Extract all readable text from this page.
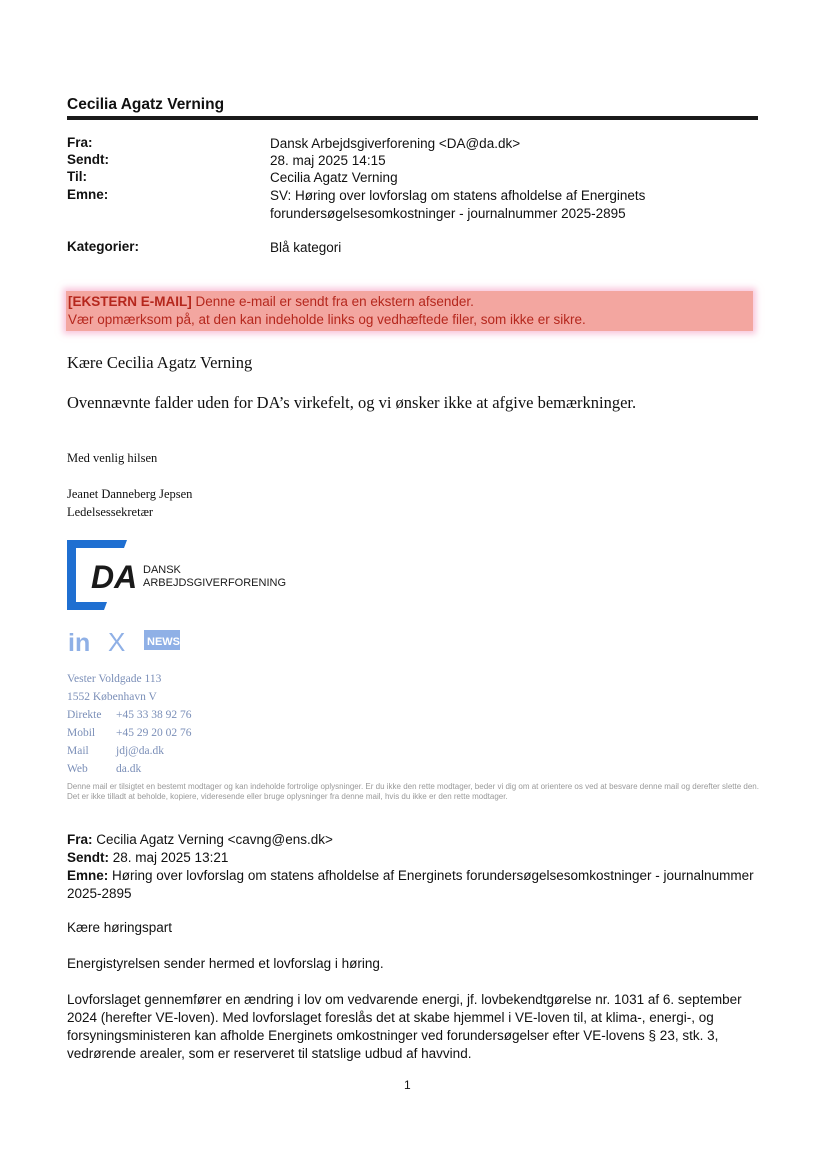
Cecilia Agatz Verning
Fra:	Dansk Arbejdsgiverforening <DA@da.dk>
Sendt:	28. maj 2025 14:15
Til:	Cecilia Agatz Verning
Emne:	SV: Høring over lovforslag om statens afholdelse af Energinets forundersøgelsesomkostninger - journalnummer 2025-2895
Kategorier:	Blå kategori
[EKSTERN E-MAIL] Denne e-mail er sendt fra en ekstern afsender.
Vær opmærksom på, at den kan indeholde links og vedhæftede filer, som ikke er sikre.
Kære Cecilia Agatz Verning
Ovennævnte falder uden for DA’s virkefelt, og vi ønsker ikke at afgive bemærkninger.
Med venlig hilsen
Jeanet Danneberg Jepsen
Ledelsessekretær
DA DANSK
ARBEJDSGIVERFORENING
in X NEWS
Vester Voldgade 113
1552 København V
Direkte +45 33 38 92 76
Mobil +45 29 20 02 76
Mail jdj@da.dk
Web da.dk
Denne mail er tilsigtet en bestemt modtager og kan indeholde fortrolige oplysninger. Er du ikke den rette modtager, beder vi dig om at orientere os ved at besvare denne mail og derefter slette den. Det er ikke tilladt at beholde, kopiere, videresende eller bruge oplysninger fra denne mail, hvis du ikke er den rette modtager.
Fra: Cecilia Agatz Verning <cavng@ens.dk>
Sendt: 28. maj 2025 13:21
Emne: Høring over lovforslag om statens afholdelse af Energinets forundersøgelsesomkostninger - journalnummer 2025-2895
Kære høringspart
Energistyrelsen sender hermed et lovforslag i høring.
Lovforslaget gennemfører en ændring i lov om vedvarende energi, jf. lovbekendtgørelse nr. 1031 af 6. september 2024 (herefter VE-loven). Med lovforslaget foreslås det at skabe hjemmel i VE-loven til, at klima-, energi-, og forsyningsministeren kan afholde Energinets omkostninger ved forundersøgelser efter VE-lovens § 23, stk. 3, vedrørende arealer, som er reserveret til statslige udbud af havvind.
1
